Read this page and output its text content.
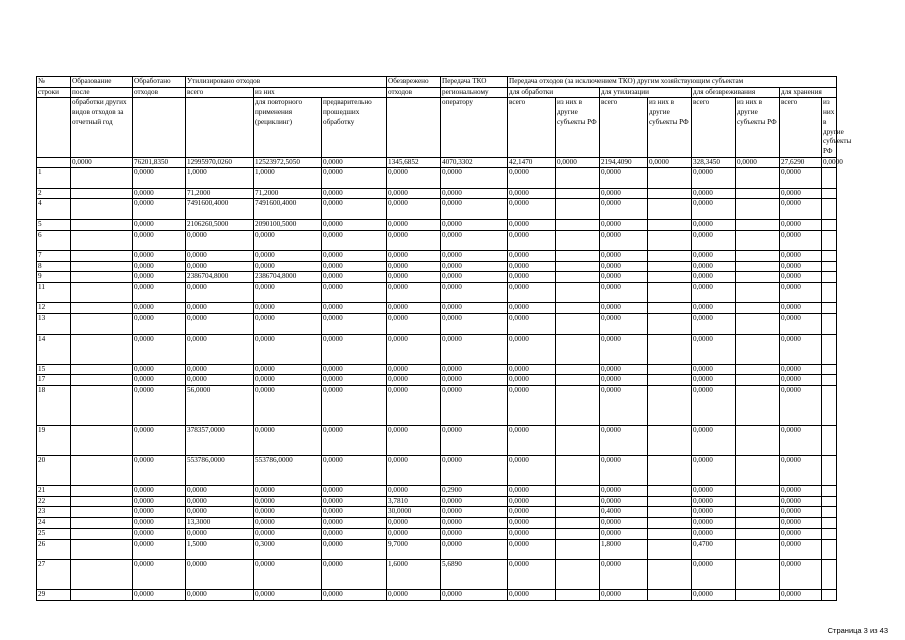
№	Образование	Обработано	Утилизировано отходов			Обезврежено	Передача ТКО	Передача отходов (за исключением ТКО) другим хозяйствующим субъектам							
строки	после	отходов	всего	из них		отходов	региональному	для обработки		для утилизации		для обезвреживания		для хранения	
	обработки других видов отходов за отчетный год			для повторного применения (рециклинг)	предварительно прошедших обработку		оператору	всего	из них в другие субъекты РФ	всего	из них в другие субъекты РФ	всего	из них в другие субъекты РФ	всего	из них в другие субъекты РФ
	0,0000	76201,8350	12995970,0260	12523972,5050	0,0000	1345,6852	4070,3302	42,1470	0,0000	2194,4090	0,0000	328,3450	0,0000	27,6290	0,0000
1		0,0000	1,0000	1,0000	0,0000	0,0000	0,0000	0,0000		0,0000		0,0000		0,0000	
2		0,0000	71,2000	71,2000	0,0000	0,0000	0,0000	0,0000		0,0000		0,0000		0,0000	
4		0,0000	7491600,4000	7491600,4000	0,0000	0,0000	0,0000	0,0000		0,0000		0,0000		0,0000	
5		0,0000	2106260,5000	2090100,5000	0,0000	0,0000	0,0000	0,0000		0,0000		0,0000		0,0000	
6		0,0000	0,0000	0,0000	0,0000	0,0000	0,0000	0,0000		0,0000		0,0000		0,0000	
7		0,0000	0,0000	0,0000	0,0000	0,0000	0,0000	0,0000		0,0000		0,0000		0,0000	
8		0,0000	0,0000	0,0000	0,0000	0,0000	0,0000	0,0000		0,0000		0,0000		0,0000	
9		0,0000	2386704,8000	2386704,8000	0,0000	0,0000	0,0000	0,0000		0,0000		0,0000		0,0000	
11		0,0000	0,0000	0,0000	0,0000	0,0000	0,0000	0,0000		0,0000		0,0000		0,0000	
12		0,0000	0,0000	0,0000	0,0000	0,0000	0,0000	0,0000		0,0000		0,0000		0,0000	
13		0,0000	0,0000	0,0000	0,0000	0,0000	0,0000	0,0000		0,0000		0,0000		0,0000	
14		0,0000	0,0000	0,0000	0,0000	0,0000	0,0000	0,0000		0,0000		0,0000		0,0000	
15		0,0000	0,0000	0,0000	0,0000	0,0000	0,0000	0,0000		0,0000		0,0000		0,0000	
17		0,0000	0,0000	0,0000	0,0000	0,0000	0,0000	0,0000		0,0000		0,0000		0,0000	
18		0,0000	56,0000	0,0000	0,0000	0,0000	0,0000	0,0000		0,0000		0,0000		0,0000	
19		0,0000	378357,0000	0,0000	0,0000	0,0000	0,0000	0,0000		0,0000		0,0000		0,0000	
20		0,0000	553786,0000	553786,0000	0,0000	0,0000	0,0000	0,0000		0,0000		0,0000		0,0000	
21		0,0000	0,0000	0,0000	0,0000	0,0000	0,2900	0,0000		0,0000		0,0000		0,0000	
22		0,0000	0,0000	0,0000	0,0000	3,7810	0,0000	0,0000		0,0000		0,0000		0,0000	
23		0,0000	0,0000	0,0000	0,0000	30,0000	0,0000	0,0000		0,4000		0,0000		0,0000	
24		0,0000	13,3000	0,0000	0,0000	0,0000	0,0000	0,0000		0,0000		0,0000		0,0000	
25		0,0000	0,0000	0,0000	0,0000	0,0000	0,0000	0,0000		0,0000		0,0000		0,0000	
26		0,0000	1,5000	0,3000	0,0000	9,7000	0,0000	0,0000		1,8000		0,4700		0,0000	
27		0,0000	0,0000	0,0000	0,0000	1,6000	5,6890	0,0000		0,0000		0,0000		0,0000	
29		0,0000	0,0000	0,0000	0,0000	0,0000	0,0000	0,0000		0,0000		0,0000		0,0000	
Страница 3 из 43
